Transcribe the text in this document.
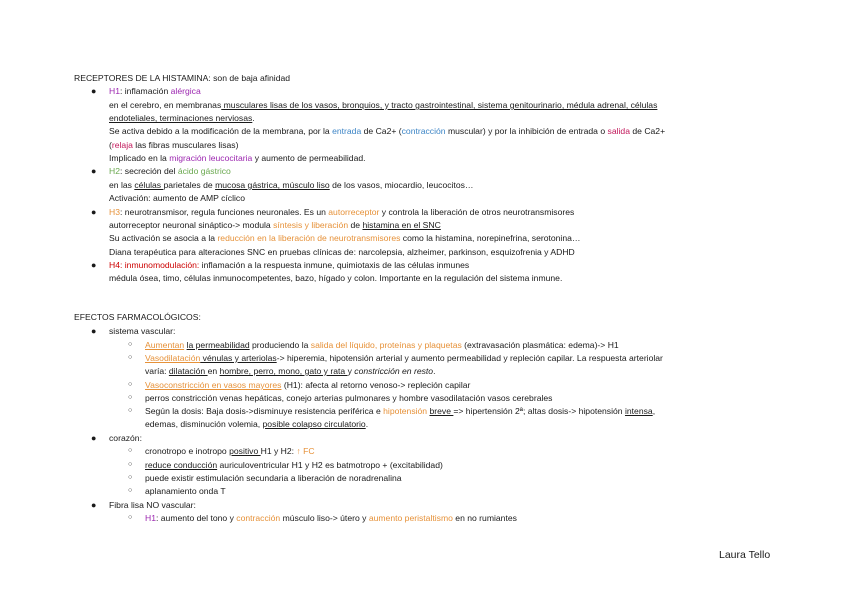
RECEPTORES DE LA HISTAMINA: son de baja afinidad
● H1: inflamación alérgica
en el cerebro, en membranas musculares lisas de los vasos, bronquios, y tracto gastrointestinal, sistema genitourinario, médula adrenal, células
endoteliales, terminaciones nerviosas.
Se activa debido a la modificación de la membrana, por la entrada de Ca2+ (contracción muscular) y por la inhibición de entrada o salida de Ca2+
(relaja las fibras musculares lisas)
Implicado en la migración leucocitaria y aumento de permeabilidad.
● H2: secreción del ácido gástrico
en las células parietales de mucosa gástrica, músculo liso de los vasos, miocardio, leucocitos…
Activación: aumento de AMP cíclico
● H3: neurotransmisor, regula funciones neuronales. Es un autorreceptor y controla la liberación de otros neurotransmisores
autorreceptor neuronal sináptico-> modula síntesis y liberación de histamina en el SNC
Su activación se asocia a la reducción en la liberación de neurotransmisores como la histamina, norepinefrina, serotonina…
Diana terapéutica para alteraciones SNC en pruebas clínicas de: narcolepsia, alzheimer, parkinson, esquizofrenia y ADHD
● H4: inmunomodulación: inflamación a la respuesta inmune, quimiotaxis de las células inmunes
médula ósea, timo, células inmunocompetentes, bazo, hígado y colon. Importante en la regulación del sistema inmune.
EFECTOS FARMACOLÓGICOS:
● sistema vascular:
○ Aumentan la permeabilidad produciendo la salida del líquido, proteínas y plaquetas (extravasación plasmática: edema)-> H1
○ Vasodilatación vénulas y arteriolas-> hiperemia, hipotensión arterial y aumento permeabilidad y repleción capilar. La respuesta arteriolar
varía: dilatación en hombre, perro, mono, gato y rata y constricción en resto.
○ Vasoconstricción en vasos mayores (H1): afecta al retorno venoso-> repleción capilar
○ perros constricción venas hepáticas, conejo arterias pulmonares y hombre vasodilatación vasos cerebrales
○ Según la dosis: Baja dosis->disminuye resistencia periférica e hipotensión breve => hipertensión 2ª; altas dosis-> hipotensión intensa,
edemas, disminución volemia, posible colapso circulatorio.
● corazón:
○ cronotropo e inotropo positivo H1 y H2: ↑ FC
○ reduce conducción auriculoventricular H1 y H2 es batmotropo + (excitabilidad)
○ puede existir estimulación secundaria a liberación de noradrenalina
○ aplanamiento onda T
● Fibra lisa NO vascular:
○ H1: aumento del tono y contracción músculo liso-> útero y aumento peristaltismo en no rumiantes
Laura Tello
